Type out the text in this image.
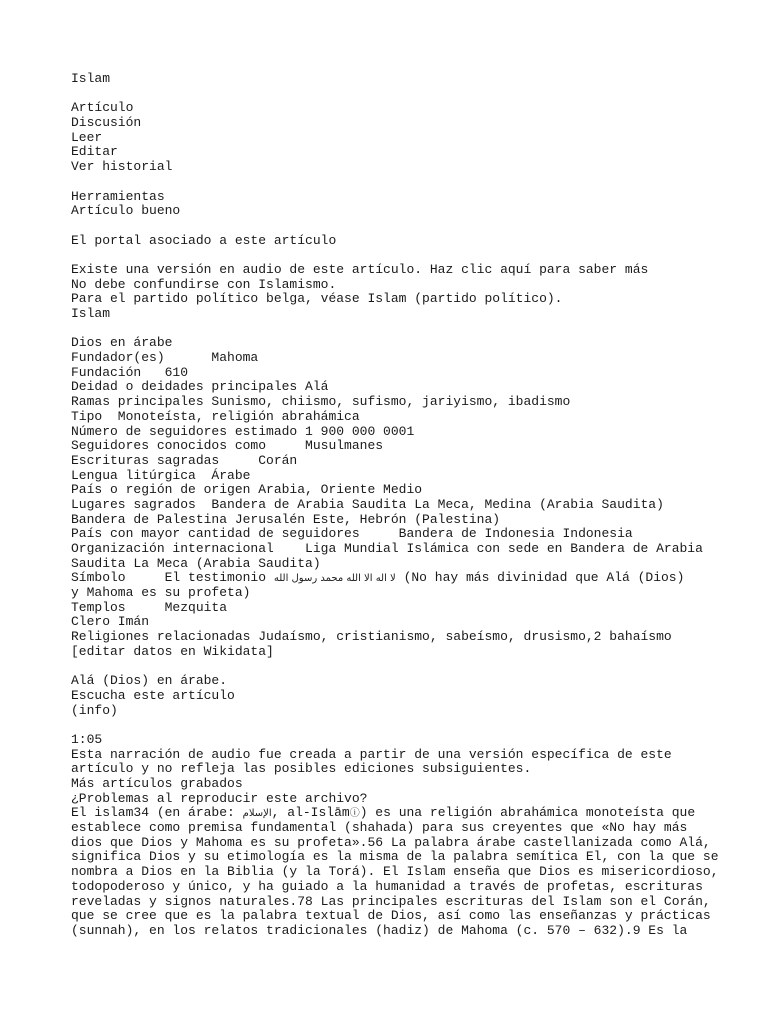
Islam
Artículo
Discusión
Leer
Editar
Ver historial
Herramientas
Artículo bueno
El portal asociado a este artículo
Existe una versión en audio de este artículo. Haz clic aquí para saber más
No debe confundirse con Islamismo.
Para el partido político belga, véase Islam (partido político).
Islam
Dios en árabe
Fundador(es)      Mahoma
Fundación   610
Deidad o deidades principales Alá
Ramas principales Sunismo, chiismo, sufismo, jariyismo, ibadismo
Tipo  Monoteísta, religión abrahámica
Número de seguidores estimado 1 900 000 0001
Seguidores conocidos como     Musulmanes
Escrituras sagradas     Corán
Lengua litúrgica  Árabe
País o región de origen Arabia, Oriente Medio
Lugares sagrados  Bandera de Arabia Saudita La Meca, Medina (Arabia Saudita)
Bandera de Palestina Jerusalén Este, Hebrón (Palestina)
País con mayor cantidad de seguidores     Bandera de Indonesia Indonesia
Organización internacional    Liga Mundial Islámica con sede en Bandera de Arabia
Saudita La Meca (Arabia Saudita)
Símbolo     El testimonio لا اله الا الله محمد رسول الله (No hay más divinidad que Alá (Dios)
y Mahoma es su profeta)
Templos     Mezquita
Clero Imán
Religiones relacionadas Judaísmo, cristianismo, sabeísmo, drusismo,2 bahaísmo
[editar datos en Wikidata]
Alá (Dios) en árabe.
Escucha este artículo
(info)
1:05
Esta narración de audio fue creada a partir de una versión específica de este
artículo y no refleja las posibles ediciones subsiguientes.
Más artículos grabados
¿Problemas al reproducir este archivo?
El islam34 (en árabe: الإسلام, al-Islāmⓘ) es una religión abrahámica monoteísta que
establece como premisa fundamental (shahada) para sus creyentes que «No hay más
dios que Dios y Mahoma es su profeta».56 La palabra árabe castellanizada como Alá,
significa Dios y su etimología es la misma de la palabra semítica El, con la que se
nombra a Dios en la Biblia (y la Torá). El Islam enseña que Dios es misericordioso,
todopoderoso y único, y ha guiado a la humanidad a través de profetas, escrituras
reveladas y signos naturales.78 Las principales escrituras del Islam son el Corán,
que se cree que es la palabra textual de Dios, así como las enseñanzas y prácticas
(sunnah), en los relatos tradicionales (hadiz) de Mahoma (c. 570 – 632).9 Es la
